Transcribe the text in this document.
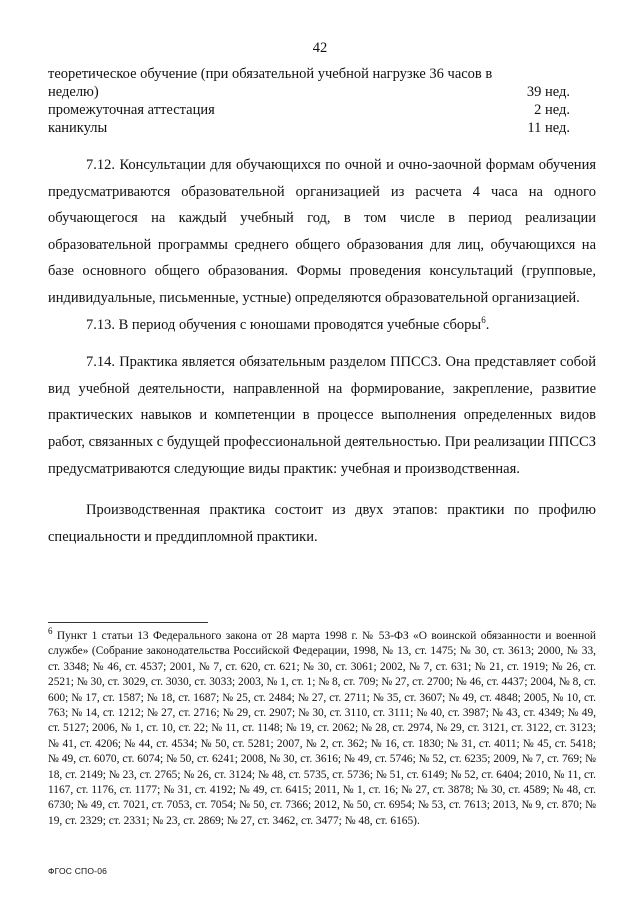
42
теоретическое обучение (при обязательной учебной нагрузке 36 часов в неделю)	39 нед.
промежуточная аттестация	2 нед.
каникулы	11 нед.

7.12. Консультации для обучающихся по очной и очно-заочной формам обучения предусматриваются образовательной организацией из расчета 4 часа на одного обучающегося на каждый учебный год, в том числе в период реализации образовательной программы среднего общего образования для лиц, обучающихся на базе основного общего образования. Формы проведения консультаций (групповые, индивидуальные, письменные, устные) определяются образовательной организацией.

7.13. В период обучения с юношами проводятся учебные сборы$^6$.

7.14. Практика является обязательным разделом ППССЗ. Она представляет собой вид учебной деятельности, направленной на формирование, закрепление, развитие практических навыков и компетенции в процессе выполнения определенных видов работ, связанных с будущей профессиональной деятельностью. При реализации ППССЗ предусматриваются следующие виды практик: учебная и производственная.

Производственная практика состоит из двух этапов: практики по профилю специальности и преддипломной практики.

$^6$ Пункт 1 статьи 13 Федерального закона от 28 марта 1998 г. № 53-ФЗ «О воинской обязанности и военной службе» (Собрание законодательства Российской Федерации, 1998, № 13, ст. 1475; № 30, ст. 3613; 2000, № 33, ст. 3348; № 46, ст. 4537; 2001, № 7, ст. 620, ст. 621; № 30, ст. 3061; 2002, № 7, ст. 631; № 21, ст. 1919; № 26, ст. 2521; № 30, ст. 3029, ст. 3030, ст. 3033; 2003, № 1, ст. 1; № 8, ст. 709; № 27, ст. 2700; № 46, ст. 4437; 2004, № 8, ст. 600; № 17, ст. 1587; № 18, ст. 1687; № 25, ст. 2484; № 27, ст. 2711; № 35, ст. 3607; № 49, ст. 4848; 2005, № 10, ст. 763; № 14, ст. 1212; № 27, ст. 2716; № 29, ст. 2907; № 30, ст. 3110, ст. 3111; № 40, ст. 3987; № 43, ст. 4349; № 49, ст. 5127; 2006, № 1, ст. 10, ст. 22; № 11, ст. 1148; № 19, ст. 2062; № 28, ст. 2974, № 29, ст. 3121, ст. 3122, ст. 3123; № 41, ст. 4206; № 44, ст. 4534; № 50, ст. 5281; 2007, № 2, ст. 362; № 16, ст. 1830; № 31, ст. 4011; № 45, ст. 5418; № 49, ст. 6070, ст. 6074; № 50, ст. 6241; 2008, № 30, ст. 3616; № 49, ст. 5746; № 52, ст. 6235; 2009, № 7, ст. 769; № 18, ст. 2149; № 23, ст. 2765; № 26, ст. 3124; № 48, ст. 5735, ст. 5736; № 51, ст. 6149; № 52, ст. 6404; 2010, № 11, ст. 1167, ст. 1176, ст. 1177; № 31, ст. 4192; № 49, ст. 6415; 2011, № 1, ст. 16; № 27, ст. 3878; № 30, ст. 4589; № 48, ст. 6730; № 49, ст. 7021, ст. 7053, ст. 7054; № 50, ст. 7366; 2012, № 50, ст. 6954; № 53, ст. 7613; 2013, № 9, ст. 870; № 19, ст. 2329; ст. 2331; № 23, ст. 2869; № 27, ст. 3462, ст. 3477; № 48, ст. 6165).

ФГОС СПО-06
